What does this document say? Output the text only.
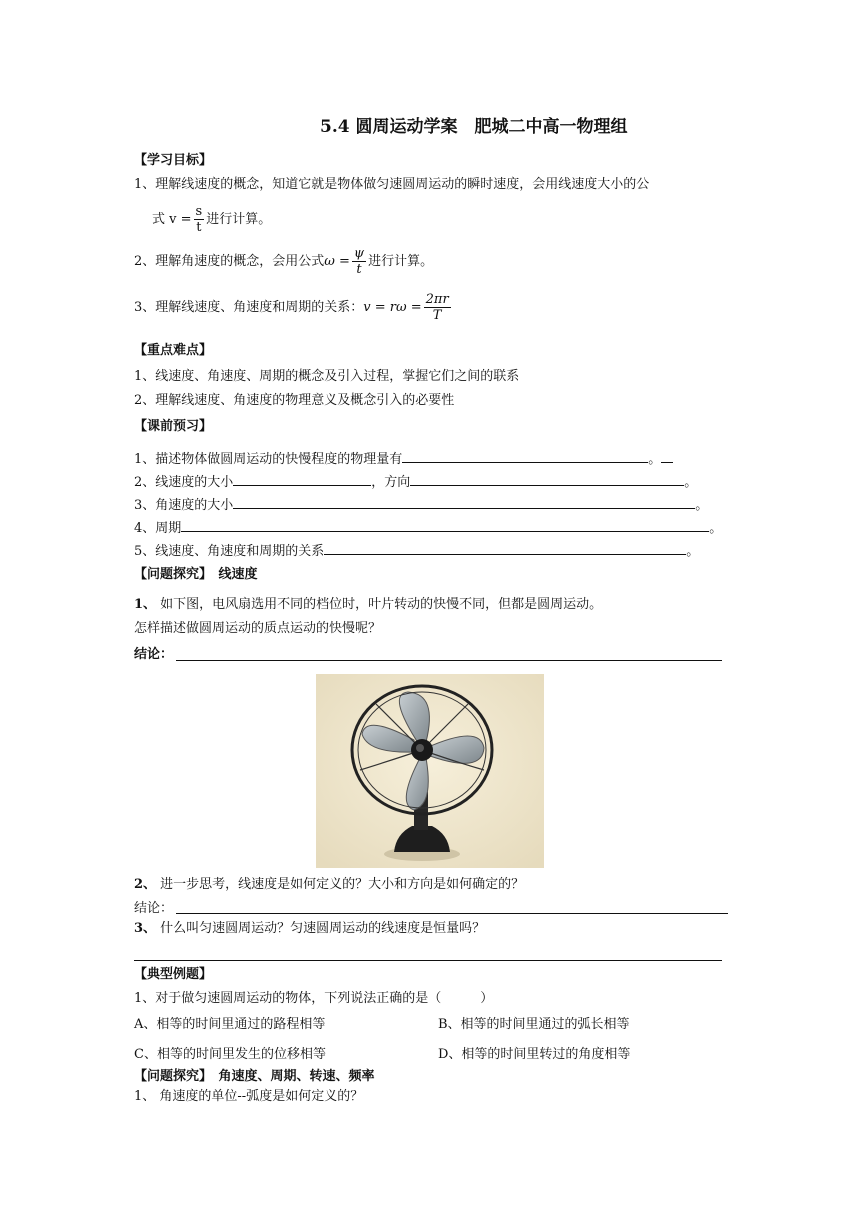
5.4 圆周运动学案　肥城二中高一物理组
【学习目标】
1、理解线速度的概念，知道它就是物体做匀速圆周运动的瞬时速度，会用线速度大小的公
式 $v = \frac{s}{t}$ 进行计算。
2、理解角速度的概念，会用公式$\omega = \frac{\psi}{t}$ 进行计算。
3、理解线速度、角速度和周期的关系：$v = r\omega = \frac{2\pi r}{T}$
【重点难点】
1、线速度、角速度、周期的概念及引入过程，掌握它们之间的联系
2、理解线速度、角速度的物理意义及概念引入的必要性
【课前预习】
1、描述物体做圆周运动的快慢程度的物理量有	。
2、线速度的大小	，方向	。
3、角速度的大小	。
4、周期	。
5、线速度、角速度和周期的关系	。
【问题探究】　线速度
1、 如下图，电风扇选用不同的档位时，叶片转动的快慢不同，但都是圆周运动。
怎样描述做圆周运动的质点运动的快慢呢？
结论：
2、 进一步思考，线速度是如何定义的？大小和方向是如何确定的？
结论：
3、 什么叫匀速圆周运动？匀速圆周运动的线速度是恒量吗？
【典型例题】
1、对于做匀速圆周运动的物体，下列说法正确的是（　　　）
A、相等的时间里通过的路程相等	B、相等的时间里通过的弧长相等
C、相等的时间里发生的位移相等	D、相等的时间里转过的角度相等
【问题探究】　角速度、周期、转速、频率
1、 角速度的单位--弧度是如何定义的？
